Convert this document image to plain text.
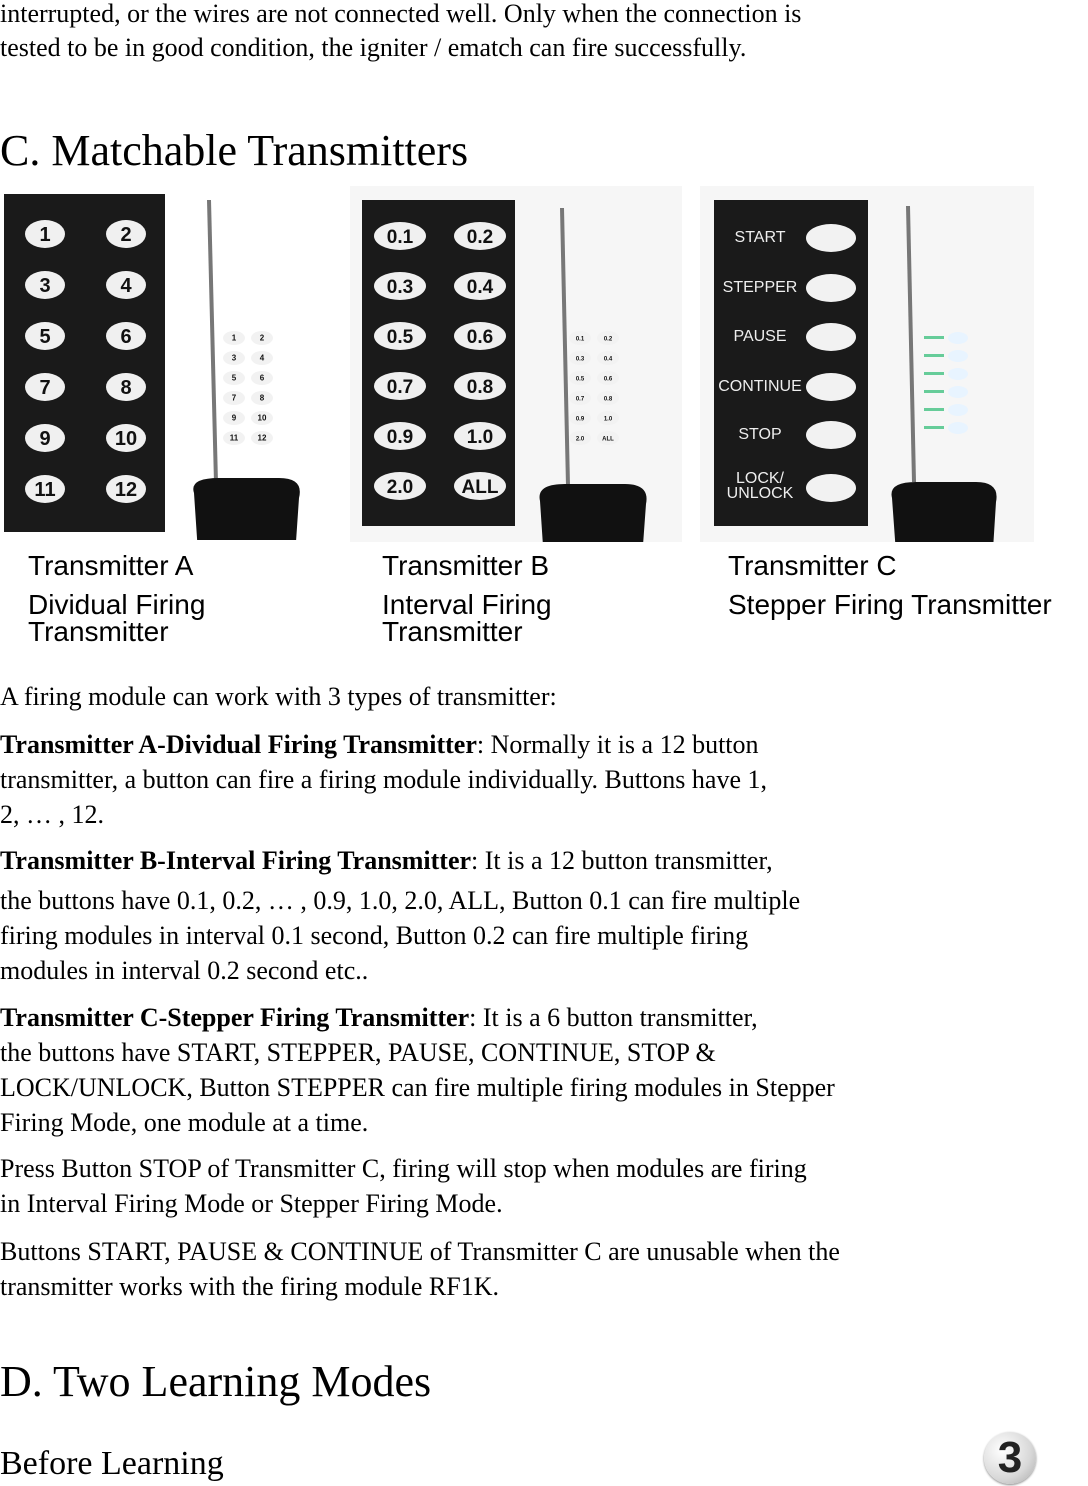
interrupted, or the wires are not connected well. Only when the connection is
tested to be in good condition, the igniter / ematch can fire successfully.
C. Matchable Transmitters
1	2
3	4
5	6
7	8
9	10
11	12
1	2
3	4
5	6
7	8
9	10
11 12
0.1	0.2
0.3	0.4
0.5	0.6
0.7	0.8
0.9	1.0
2.0	ALL
0.1	0.2
0.3	0.4
0.5	0.6
0.7	0.8
0.9	1.0
2.0	ALL
START
STEPPER
PAUSE
CONTINUE
STOP
LOCK/
UNLOCK
Transmitter A
Dividual Firing
Transmitter
Transmitter B
Interval Firing
Transmitter
Transmitter C
Stepper Firing Transmitter
A firing module can work with 3 types of transmitter:
Transmitter A-Dividual Firing Transmitter: Normally it is a 12 button
transmitter, a button can fire a firing module individually. Buttons have 1,
2, … , 12.
Transmitter B-Interval Firing Transmitter: It is a 12 button transmitter,
the buttons have 0.1, 0.2, … , 0.9, 1.0, 2.0, ALL, Button 0.1 can fire multiple
firing modules in interval 0.1 second, Button 0.2 can fire multiple firing
modules in interval 0.2 second etc..
Transmitter C-Stepper Firing Transmitter: It is a 6 button transmitter,
the buttons have START, STEPPER, PAUSE, CONTINUE, STOP &
LOCK/UNLOCK, Button STEPPER can fire multiple firing modules in Stepper
Firing Mode, one module at a time.
Press Button STOP of Transmitter C, firing will stop when modules are firing
in Interval Firing Mode or Stepper Firing Mode.
Buttons START, PAUSE & CONTINUE of Transmitter C are unusable when the
transmitter works with the firing module RF1K.
D. Two Learning Modes
Before Learning	3
